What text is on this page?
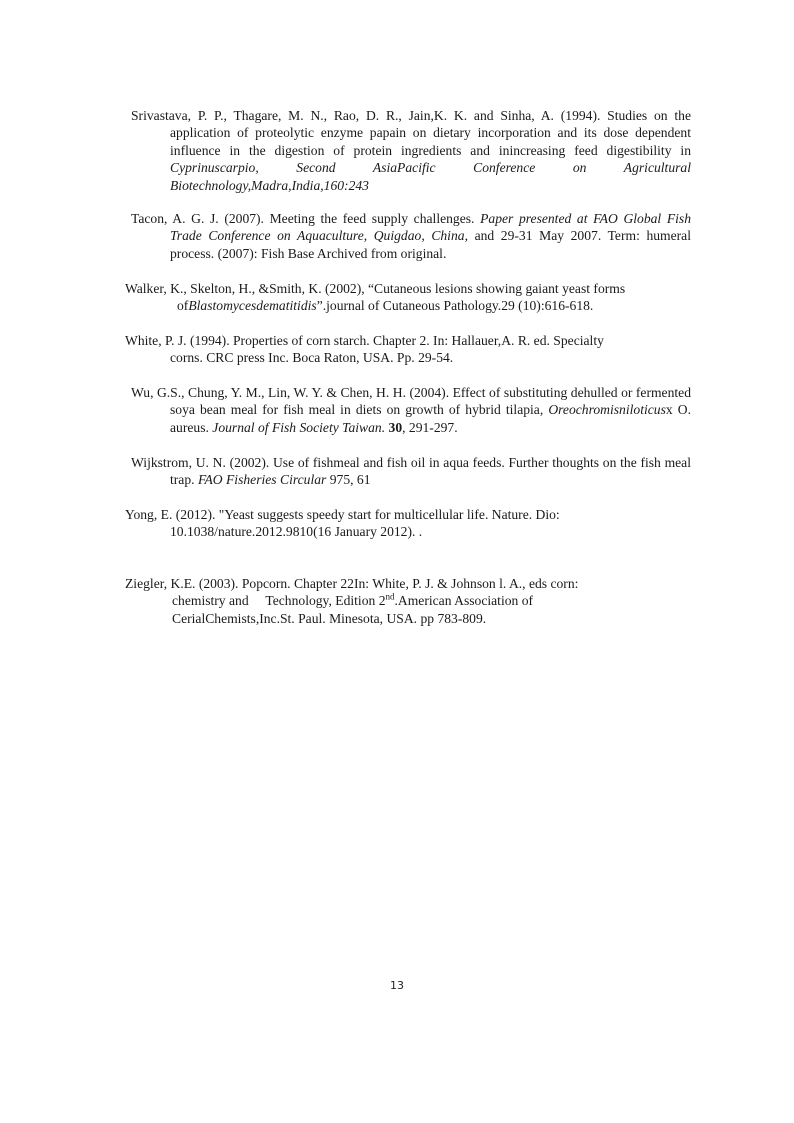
Srivastava, P. P., Thagare, M. N., Rao, D. R., Jain,K. K. and Sinha, A. (1994). Studies on the
application of proteolytic enzyme papain on dietary incorporation and its dose dependent influence in the digestion of protein ingredients and inincreasing feed digestibility in Cyprinuscarpio, Second AsiaPacific Conference on Agricultural Biotechnology,Madra,India,160:243
Tacon, A. G. J. (2007). Meeting the feed supply challenges. Paper presented at FAO Global Fish Trade Conference on Aquaculture, Quigdao, China, and 29-31 May 2007. Term: humeral process. (2007): Fish Base Archived from original.
Walker, K., Skelton, H., &Smith, K. (2002), “Cutaneous lesions showing gaiant yeast forms
ofBlastomycesdematitidis”.journal of Cutaneous Pathology.29 (10):616-618.
White, P. J. (1994). Properties of corn starch. Chapter 2. In: Hallauer,A. R. ed. Specialty
corns. CRC press Inc. Boca Raton, USA. Pp. 29-54.
Wu, G.S., Chung, Y. M., Lin, W. Y. & Chen, H. H. (2004). Effect of substituting dehulled or fermented soya bean meal for fish meal in diets on growth of hybrid tilapia, Oreochromisniloticusx O. aureus. Journal of Fish Society Taiwan. 30, 291-297.
Wijkstrom, U. N. (2002). Use of fishmeal and fish oil in aqua feeds. Further thoughts on the fish meal trap. FAO Fisheries Circular 975, 61
Yong, E. (2012). "Yeast suggests speedy start for multicellular life. Nature. Dio:
10.1038/nature.2012.9810(16 January 2012). .
Ziegler, K.E. (2003). Popcorn. Chapter 22In: White, P. J. & Johnson l. A., eds corn:
chemistry and     Technology, Edition 2nd.American Association of
CerialChemists,Inc.St. Paul. Minesota, USA. pp 783-809.
13
